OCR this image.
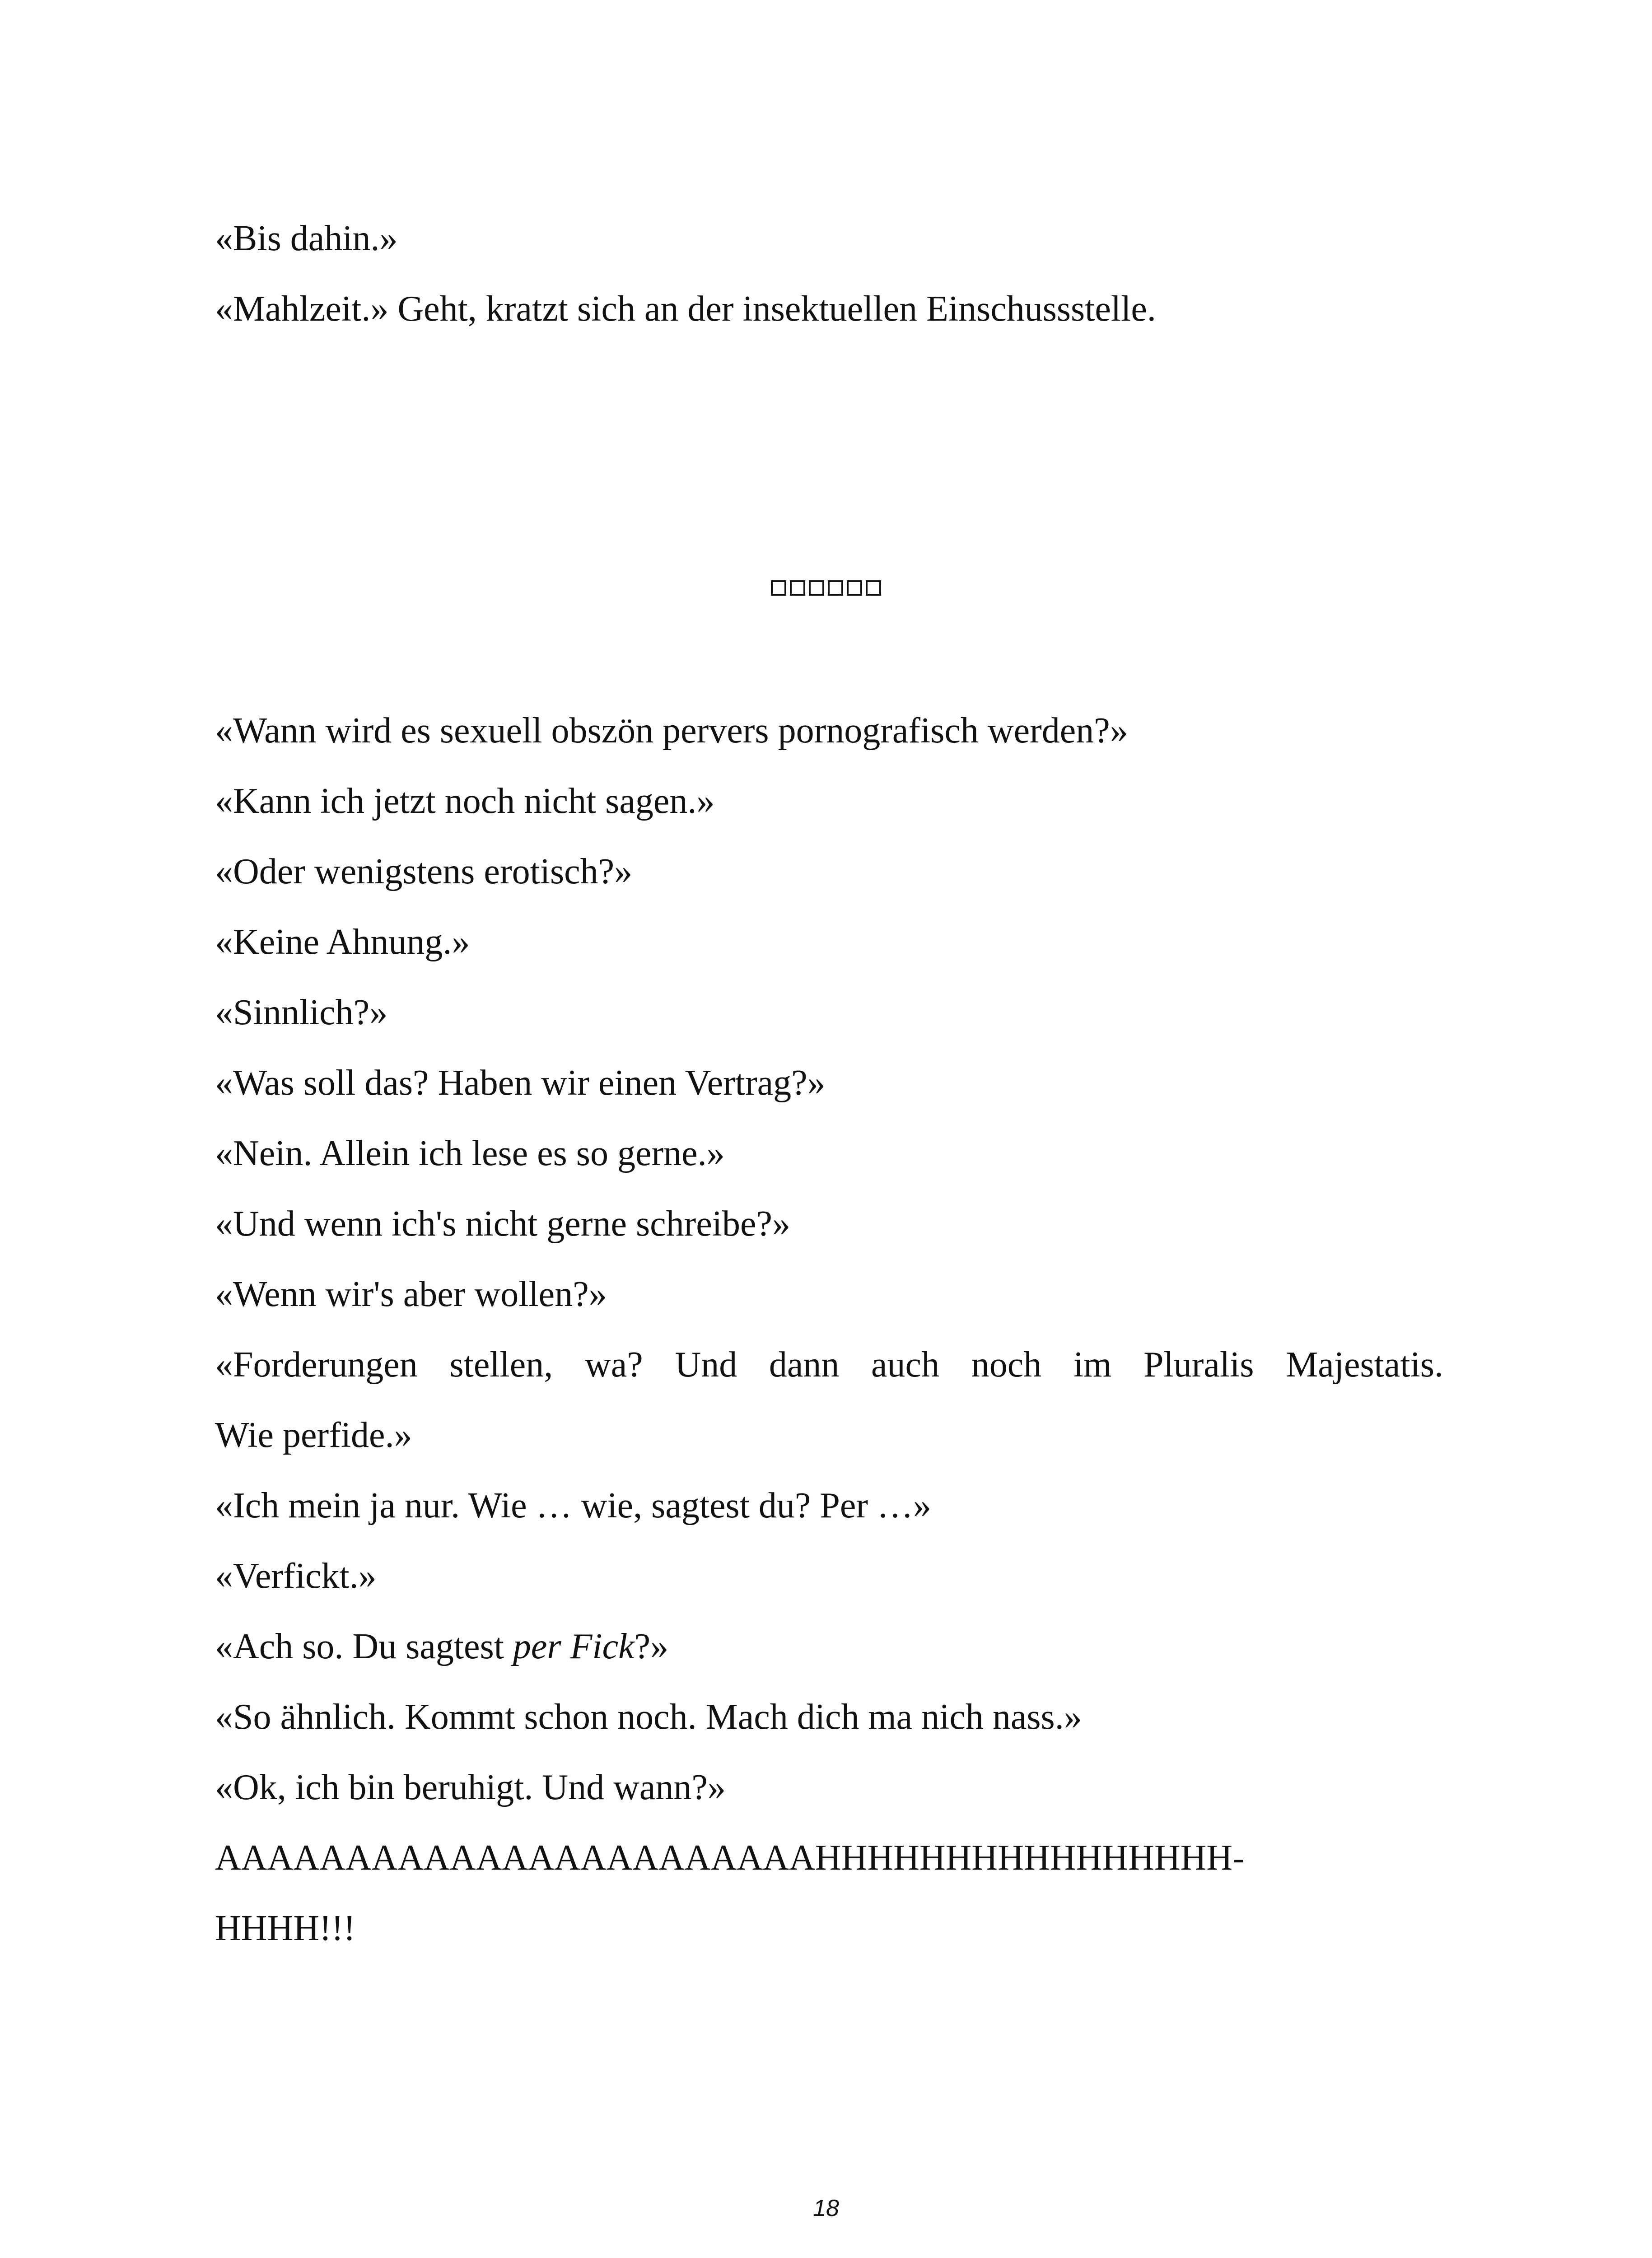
«Bis dahin.»

«Mahlzeit.» Geht, kratzt sich an der insektuellen Einschussstelle.

«Wann wird es sexuell obszön pervers pornografisch werden?»

«Kann ich jetzt noch nicht sagen.»

«Oder wenigstens erotisch?»

«Keine Ahnung.»

«Sinnlich?»

«Was soll das? Haben wir einen Vertrag?»

«Nein. Allein ich lese es so gerne.»

«Und wenn ich's nicht gerne schreibe?»

«Wenn wir's aber wollen?»

«Forderungen stellen, wa? Und dann auch noch im Pluralis Majestatis.

Wie perfide.»

«Ich mein ja nur. Wie … wie, sagtest du? Per …»

«Verfickt.»

«Ach so. Du sagtest per Fick?»

«So ähnlich. Kommt schon noch. Mach dich ma nich nass.»

«Ok, ich bin beruhigt. Und wann?»

AAAAAAAAAAAAAAAAAAAAAAAHHHHHHHHHHHHHHHH-

HHHH!!!

18
